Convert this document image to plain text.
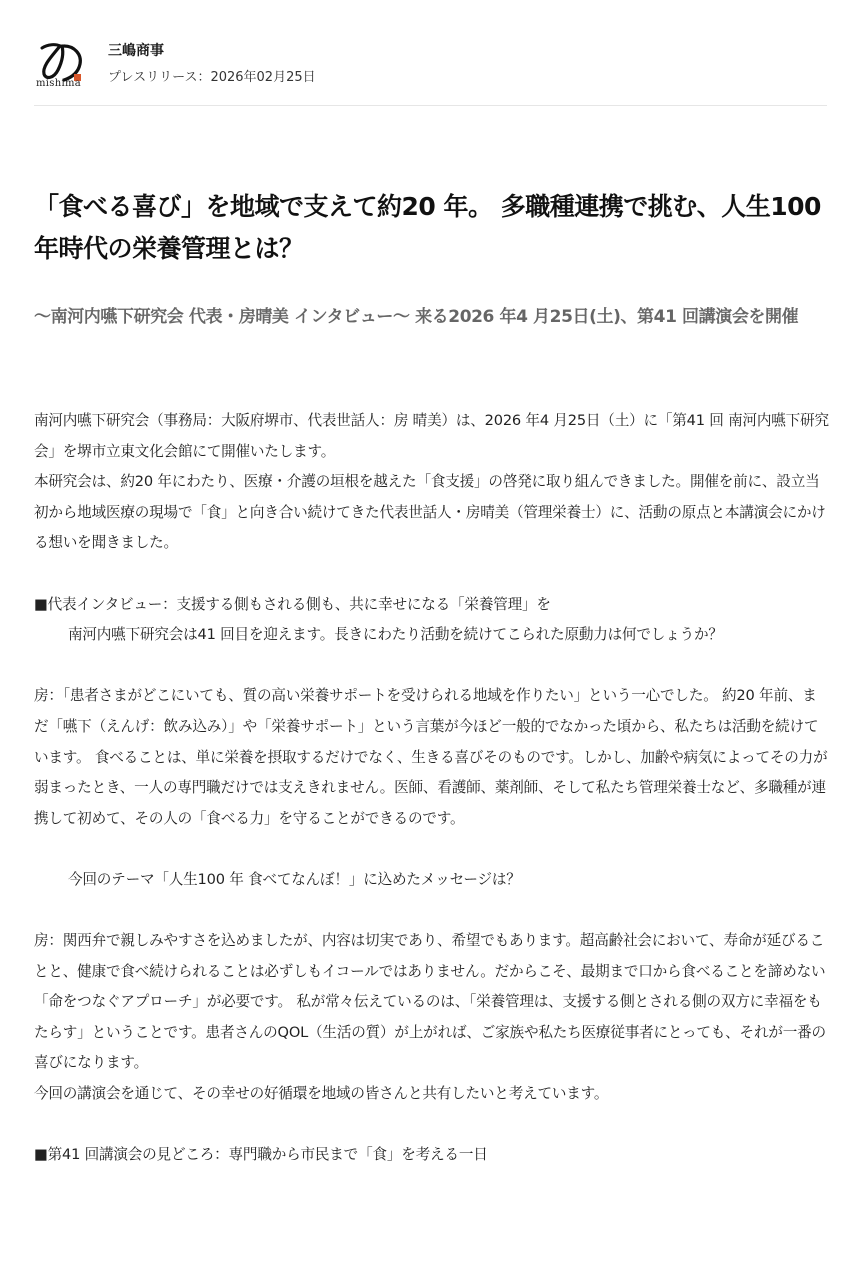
mishima
三嶋商事
プレスリリース：2026年02月25日
「食べる喜び」を地域で支えて約20 年。 多職種連携で挑む、人生100 年時代の栄養管理とは？
〜南河内嚥下研究会 代表・房晴美 インタビュー〜 来る2026 年4 月25日(土)、第41 回講演会を開催

南河内嚥下研究会（事務局：大阪府堺市、代表世話人：房 晴美）は、2026 年4 月25日（土）に「第41 回 南河内嚥下研究会」を堺市立東文化会館にて開催いたします。
本研究会は、約20 年にわたり、医療・介護の垣根を越えた「食支援」の啓発に取り組んできました。開催を前に、設立当初から地域医療の現場で「食」と向き合い続けてきた代表世話人・房晴美（管理栄養士）に、活動の原点と本講演会にかける想いを聞きました。

■代表インタビュー：支援する側もされる側も、共に幸せになる「栄養管理」を

南河内嚥下研究会は41 回目を迎えます。長きにわたり活動を続けてこられた原動力は何でしょうか？

房：「患者さまがどこにいても、質の高い栄養サポートを受けられる地域を作りたい」という一心でした。 約20 年前、まだ「嚥下（えんげ：飲み込み）」や「栄養サポート」という言葉が今ほど一般的でなかった頃から、私たちは活動を続けています。 食べることは、単に栄養を摂取するだけでなく、生きる喜びそのものです。しかし、加齢や病気によってその力が弱まったとき、一人の専門職だけでは支えきれません。医師、看護師、薬剤師、そして私たち管理栄養士など、多職種が連携して初めて、その人の「食べる力」を守ることができるのです。

今回のテーマ「人生100 年 食べてなんぼ！」に込めたメッセージは？

房：関西弁で親しみやすさを込めましたが、内容は切実であり、希望でもあります。超高齢社会において、寿命が延びることと、健康で食べ続けられることは必ずしもイコールではありません。だからこそ、最期まで口から食べることを諦めない「命をつなぐアプローチ」が必要です。 私が常々伝えているのは、「栄養管理は、支援する側とされる側の双方に幸福をもたらす」ということです。患者さんのQOL（生活の質）が上がれば、ご家族や私たち医療従事者にとっても、それが一番の喜びになります。
今回の講演会を通じて、その幸せの好循環を地域の皆さんと共有したいと考えています。

■第41 回講演会の見どころ：専門職から市民まで「食」を考える一日
